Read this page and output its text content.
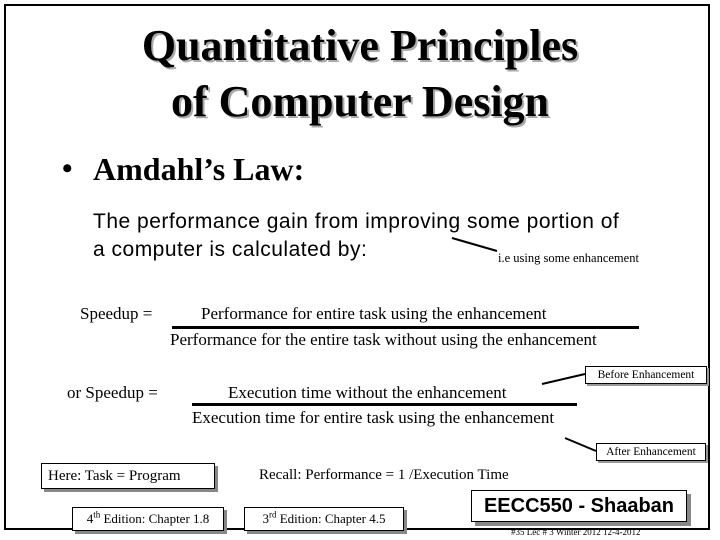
Quantitative Principles
of Computer Design
• Amdahl’s Law:
The performance gain from improving some portion of
a computer is calculated by:	i.e using some enhancement
Speedup =	Performance for entire task using the enhancement
Performance for the entire task without using the enhancement
Before Enhancement
or Speedup =	Execution time without the enhancement
Execution time for entire task using the enhancement
After Enhancement
Here: Task = Program	Recall: Performance = 1 /Execution Time
4th Edition: Chapter 1.8	3rd Edition: Chapter 4.5
EECC550 - Shaaban
#35 Lec # 3 Winter 2012 12-4-2012
